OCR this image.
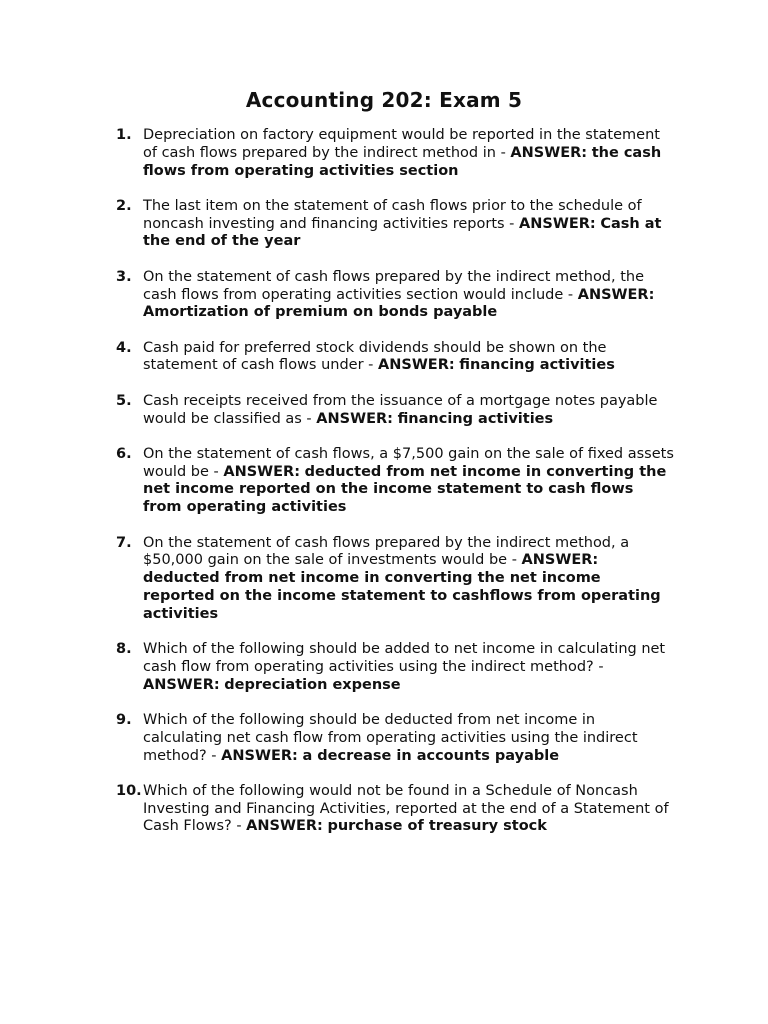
Accounting 202: Exam 5
1. Depreciation on factory equipment would be reported in the statement of cash flows prepared by the indirect method in - ANSWER: the cash flows from operating activities section
2. The last item on the statement of cash flows prior to the schedule of noncash investing and financing activities reports - ANSWER: Cash at the end of the year
3. On the statement of cash flows prepared by the indirect method, the cash flows from operating activities section would include - ANSWER: Amortization of premium on bonds payable
4. Cash paid for preferred stock dividends should be shown on the statement of cash flows under - ANSWER: financing activities
5. Cash receipts received from the issuance of a mortgage notes payable would be classified as - ANSWER: financing activities
6. On the statement of cash flows, a $7,500 gain on the sale of fixed assets would be - ANSWER: deducted from net income in converting the net income reported on the income statement to cash flows from operating activities
7. On the statement of cash flows prepared by the indirect method, a $50,000 gain on the sale of investments would be - ANSWER: deducted from net income in converting the net income reported on the income statement to cashflows from operating activities
8. Which of the following should be added to net income in calculating net cash flow from operating activities using the indirect method? - ANSWER: depreciation expense
9. Which of the following should be deducted from net income in calculating net cash flow from operating activities using the indirect method? - ANSWER: a decrease in accounts payable
10. Which of the following would not be found in a Schedule of Noncash Investing and Financing Activities, reported at the end of a Statement of Cash Flows? - ANSWER: purchase of treasury stock
